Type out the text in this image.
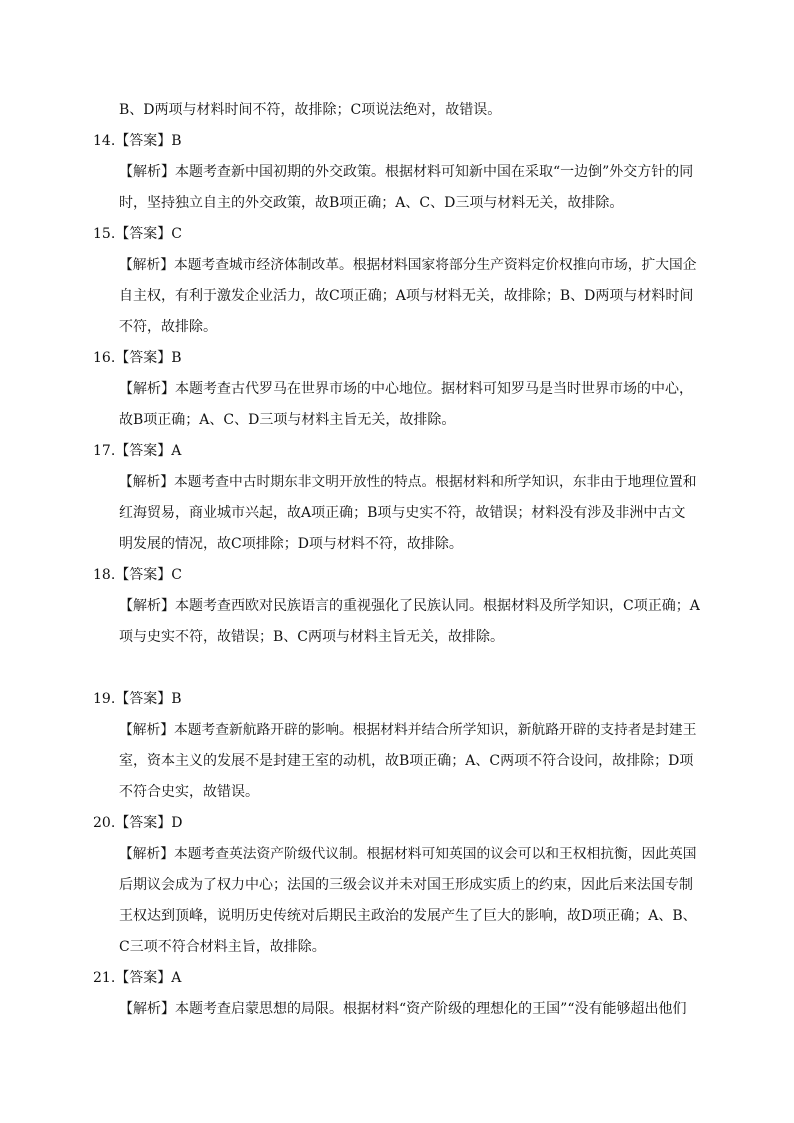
B、D两项与材料时间不符，故排除；C项说法绝对，故错误。
14.【答案】B
【解析】本题考查新中国初期的外交政策。根据材料可知新中国在采取“一边倒”外交方针的同
时，坚持独立自主的外交政策，故B项正确；A、C、D三项与材料无关，故排除。
15.【答案】C
【解析】本题考查城市经济体制改革。根据材料国家将部分生产资料定价权推向市场，扩大国企
自主权，有利于激发企业活力，故C项正确；A项与材料无关，故排除；B、D两项与材料时间
不符，故排除。
16.【答案】B
【解析】本题考查古代罗马在世界市场的中心地位。据材料可知罗马是当时世界市场的中心，
故B项正确；A、C、D三项与材料主旨无关，故排除。
17.【答案】A
【解析】本题考查中古时期东非文明开放性的特点。根据材料和所学知识，东非由于地理位置和
红海贸易，商业城市兴起，故A项正确；B项与史实不符，故错误；材料没有涉及非洲中古文
明发展的情况，故C项排除；D项与材料不符，故排除。
18.【答案】C
【解析】本题考查西欧对民族语言的重视强化了民族认同。根据材料及所学知识，C项正确；A
项与史实不符，故错误；B、C两项与材料主旨无关，故排除。
19.【答案】B
【解析】本题考查新航路开辟的影响。根据材料并结合所学知识，新航路开辟的支持者是封建王
室，资本主义的发展不是封建王室的动机，故B项正确；A、C两项不符合设问，故排除；D项
不符合史实，故错误。
20.【答案】D
【解析】本题考查英法资产阶级代议制。根据材料可知英国的议会可以和王权相抗衡，因此英国
后期议会成为了权力中心；法国的三级会议并未对国王形成实质上的约束，因此后来法国专制
王权达到顶峰，说明历史传统对后期民主政治的发展产生了巨大的影响，故D项正确；A、B、
C三项不符合材料主旨，故排除。
21.【答案】A
【解析】本题考查启蒙思想的局限。根据材料“资产阶级的理想化的王国”“没有能够超出他们
